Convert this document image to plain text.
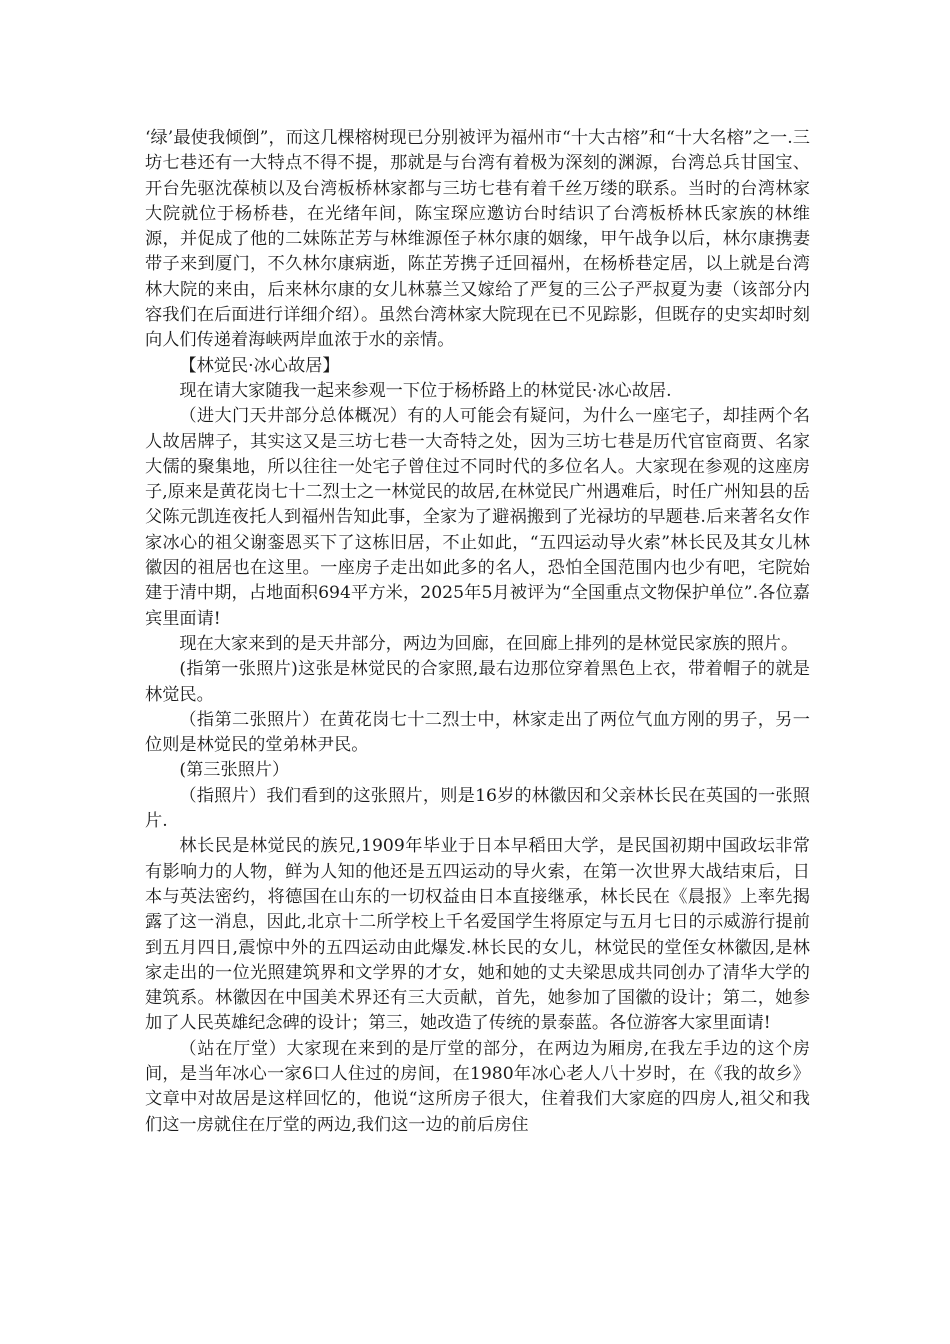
‘绿’最使我倾倒”，而这几棵榕树现已分别被评为福州市“十大古榕”和“十大名榕”之一.三坊七巷还有一大特点不得不提，那就是与台湾有着极为深刻的渊源，台湾总兵甘国宝、开台先驱沈葆桢以及台湾板桥林家都与三坊七巷有着千丝万缕的联系。当时的台湾林家大院就位于杨桥巷，在光绪年间，陈宝琛应邀访台时结识了台湾板桥林氏家族的林维源，并促成了他的二妹陈芷芳与林维源侄子林尔康的姻缘，甲午战争以后，林尔康携妻带子来到厦门，不久林尔康病逝，陈芷芳携子迁回福州，在杨桥巷定居，以上就是台湾林大院的来由，后来林尔康的女儿林慕兰又嫁给了严复的三公子严叔夏为妻（该部分内容我们在后面进行详细介绍）。虽然台湾林家大院现在已不见踪影，但既存的史实却时刻向人们传递着海峡两岸血浓于水的亲情。

【林觉民·冰心故居】

现在请大家随我一起来参观一下位于杨桥路上的林觉民·冰心故居.

（进大门天井部分总体概况）有的人可能会有疑问，为什么一座宅子，却挂两个名人故居牌子，其实这又是三坊七巷一大奇特之处，因为三坊七巷是历代官宦商贾、名家大儒的聚集地，所以往往一处宅子曾住过不同时代的多位名人。大家现在参观的这座房子,原来是黄花岗七十二烈士之一林觉民的故居,在林觉民广州遇难后，时任广州知县的岳父陈元凯连夜托人到福州告知此事，全家为了避祸搬到了光禄坊的早题巷.后来著名女作家冰心的祖父谢銮恩买下了这栋旧居，不止如此，“五四运动导火索”林长民及其女儿林徽因的祖居也在这里。一座房子走出如此多的名人，恐怕全国范围内也少有吧，宅院始建于清中期，占地面积694平方米，2025年5月被评为“全国重点文物保护单位”.各位嘉宾里面请!

现在大家来到的是天井部分，两边为回廊，在回廊上排列的是林觉民家族的照片。

(指第一张照片)这张是林觉民的合家照,最右边那位穿着黑色上衣，带着帽子的就是林觉民。

（指第二张照片）在黄花岗七十二烈士中，林家走出了两位气血方刚的男子，另一位则是林觉民的堂弟林尹民。

(第三张照片）

（指照片）我们看到的这张照片，则是16岁的林徽因和父亲林长民在英国的一张照片.

林长民是林觉民的族兄,1909年毕业于日本早稻田大学，是民国初期中国政坛非常有影响力的人物，鲜为人知的他还是五四运动的导火索，在第一次世界大战结束后，日本与英法密约，将德国在山东的一切权益由日本直接继承，林长民在《晨报》上率先揭露了这一消息，因此,北京十二所学校上千名爱国学生将原定与五月七日的示威游行提前到五月四日,震惊中外的五四运动由此爆发.林长民的女儿，林觉民的堂侄女林徽因,是林家走出的一位光照建筑界和文学界的才女，她和她的丈夫梁思成共同创办了清华大学的建筑系。林徽因在中国美术界还有三大贡献，首先，她参加了国徽的设计；第二，她参加了人民英雄纪念碑的设计；第三，她改造了传统的景泰蓝。各位游客大家里面请!

（站在厅堂）大家现在来到的是厅堂的部分，在两边为厢房,在我左手边的这个房间，是当年冰心一家6口人住过的房间，在1980年冰心老人八十岁时，在《我的故乡》文章中对故居是这样回忆的，他说“这所房子很大，住着我们大家庭的四房人,祖父和我们这一房就住在厅堂的两边,我们这一边的前后房住
